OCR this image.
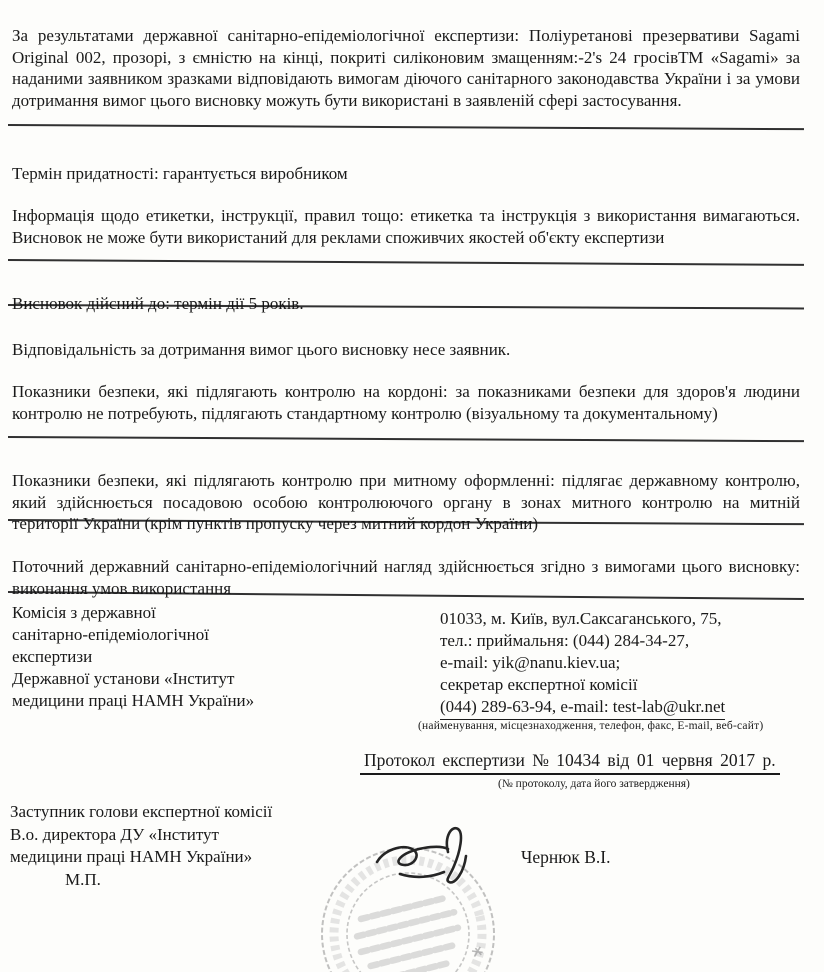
За результатами державної санітарно-епідеміологічної експертизи: Поліуретанові презервативи Sagami Original 002, прозорі, з ємністю на кінці, покриті силіконовим змащенням:-2's 24 гросівТМ «Sagami» за наданими заявником зразками відповідають вимогам діючого санітарного законодавства України і за умови дотримання вимог цього висновку можуть бути використані в заявленій сфері застосування.

Термін придатності: гарантується виробником

Інформація щодо етикетки, інструкції, правил тощо: етикетка та інструкція з використання вимагаються. Висновок не може бути використаний для реклами споживчих якостей об'єкту експертизи

Висновок дійсний до: термін дії 5 років.

Відповідальність за дотримання вимог цього висновку несе заявник.

Показники безпеки, які підлягають контролю на кордоні: за показниками безпеки для здоров'я людини контролю не потребують, підлягають стандартному контролю (візуальному та документальному)

Показники безпеки, які підлягають контролю при митному оформленні: підлягає державному контролю, який здійснюється посадовою особою контролюючого органу в зонах митного контролю на митній території України (крім пунктів пропуску через митний кордон України)

Поточний державний санітарно-епідеміологічний нагляд здійснюється згідно з вимогами цього висновку: виконання умов використання

Комісія з державної
санітарно-епідеміологічної
експертизи
Державної установи «Інститут
медицини праці НАМН України»
01033, м. Київ, вул.Саксаганського, 75,
тел.: приймальня: (044) 284-34-27,
e-mail: yik@nanu.kiev.ua;
секретар експертної комісії
(044) 289-63-94, e-mail: test-lab@ukr.net
(найменування, місцезнаходження, телефон, факс, E-mail, веб-сайт)
Протокол експертизи № 10434 від 01 червня 2017 р.
(№ протоколу, дата його затвердження)
Заступник голови експертної комісії
В.о. директора ДУ «Інститут
медицини праці НАМН України»
М.П.
Чернюк В.І.
